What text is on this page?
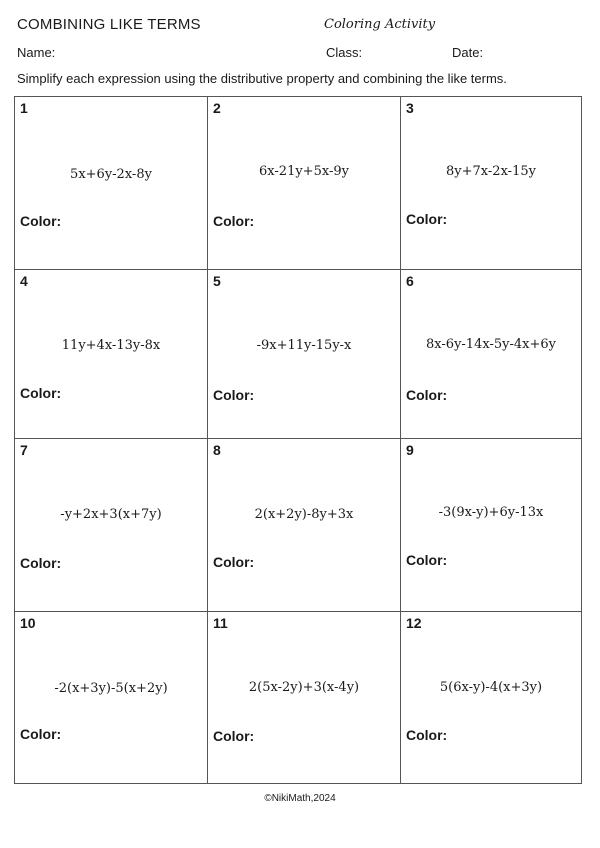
COMBINING LIKE TERMS	Coloring Activity
Name:	Class:	Date:
Simplify each expression using the distributive property and combining the like terms.
1
5x+6y-2x-8y
Color:
2
6x-21y+5x-9y
Color:
3
8y+7x-2x-15y
Color:
4
11y+4x-13y-8x
Color:
5
-9x+11y-15y-x
Color:
6
8x-6y-14x-5y-4x+6y
Color:
7
-y+2x+3(x+7y)
Color:
8
2(x+2y)-8y+3x
Color:
9
-3(9x-y)+6y-13x
Color:
10
-2(x+3y)-5(x+2y)
Color:
11
2(5x-2y)+3(x-4y)
Color:
12
5(6x-y)-4(x+3y)
Color:
©NikiMath,2024
